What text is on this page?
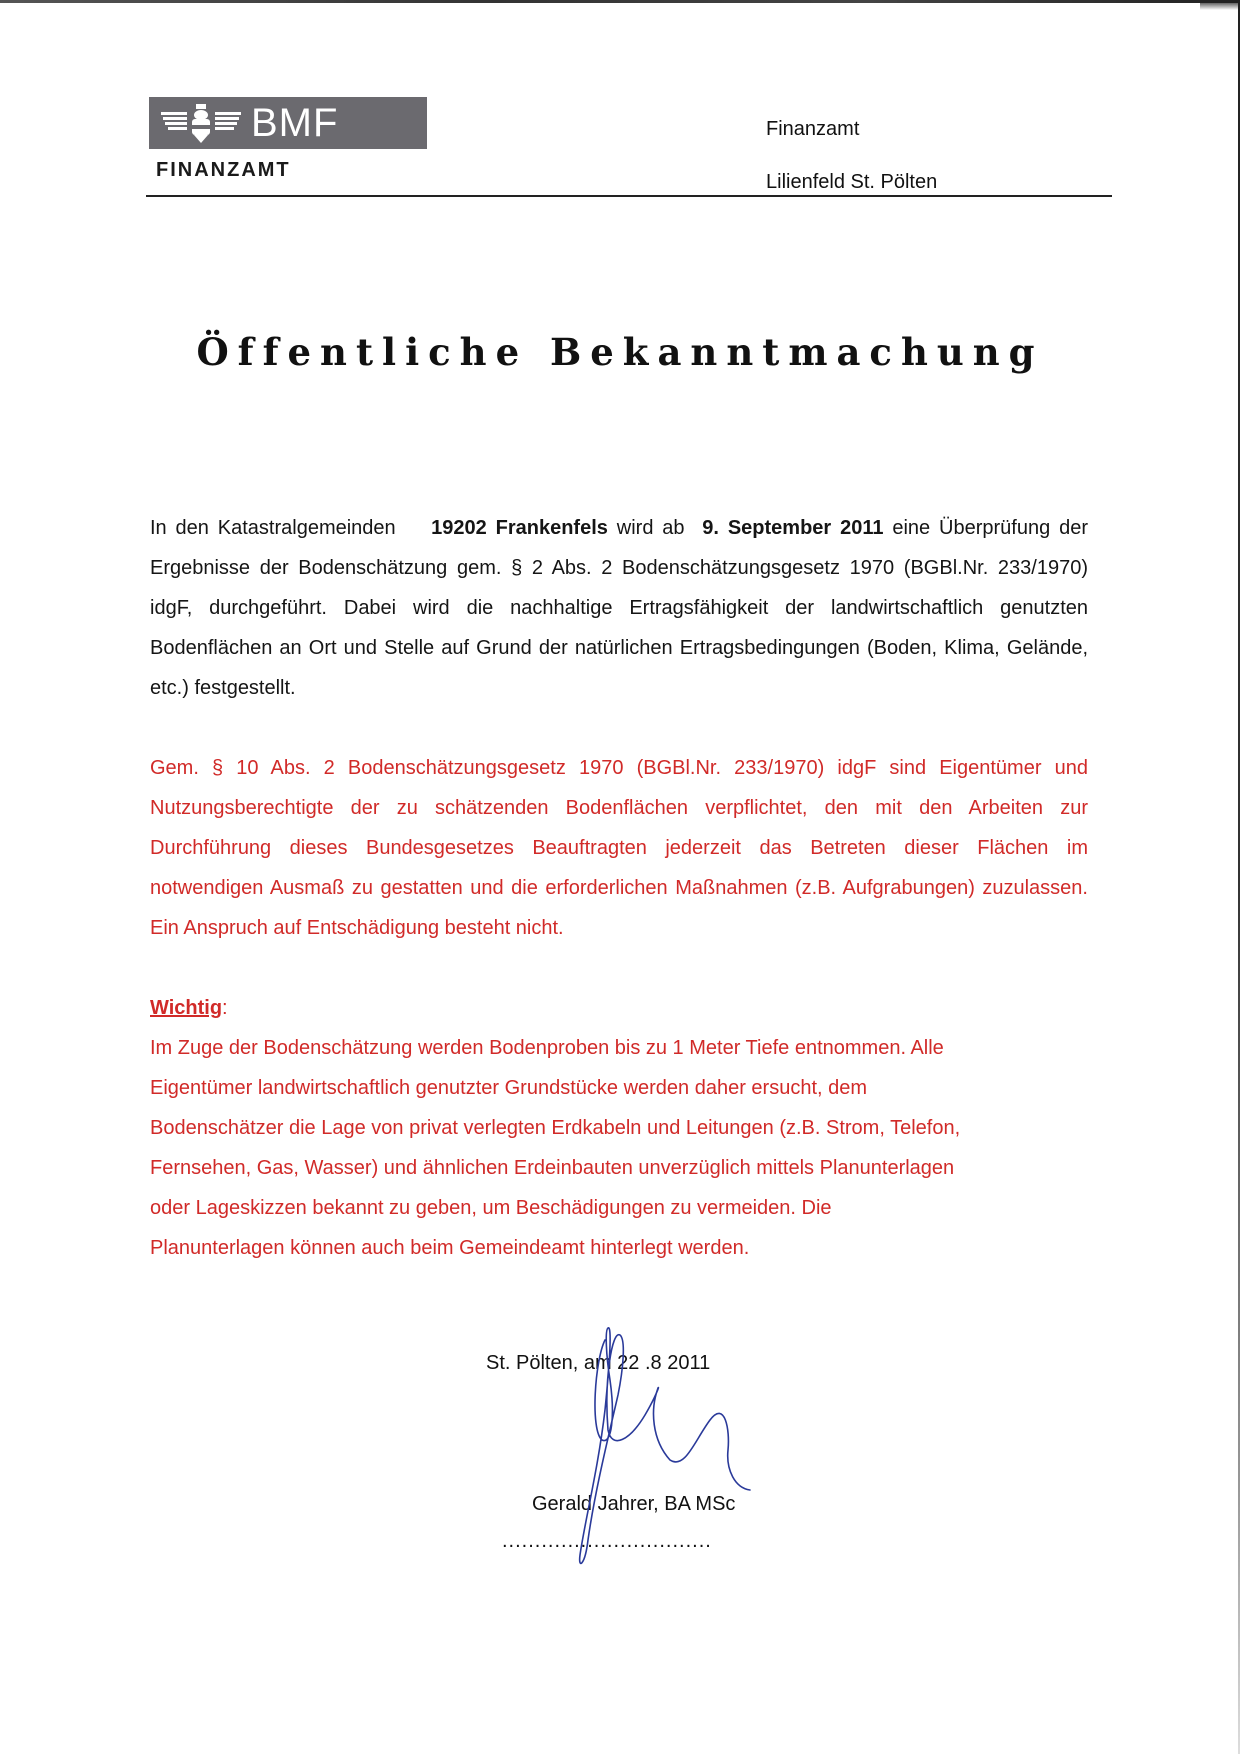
BMF
FINANZAMT
Finanzamt
Lilienfeld St. Pölten
Öffentliche Bekanntmachung
In den Katastralgemeinden 19202 Frankenfels wird ab 9. September 2011 eine Überprüfung der Ergebnisse der Bodenschätzung gem. § 2 Abs. 2 Bodenschätzungsgesetz 1970 (BGBl.Nr. 233/1970) idgF, durchgeführt. Dabei wird die nachhaltige Ertragsfähigkeit der landwirtschaftlich genutzten Bodenflächen an Ort und Stelle auf Grund der natürlichen Ertragsbedingungen (Boden, Klima, Gelände, etc.) festgestellt.
Gem. § 10 Abs. 2 Bodenschätzungsgesetz 1970 (BGBl.Nr. 233/1970) idgF sind Eigentümer und Nutzungsberechtigte der zu schätzenden Bodenflächen verpflichtet, den mit den Arbeiten zur Durchführung dieses Bundesgesetzes Beauftragten jederzeit das Betreten dieser Flächen im notwendigen Ausmaß zu gestatten und die erforderlichen Maßnahmen (z.B. Aufgrabungen) zuzulassen. Ein Anspruch auf Entschädigung besteht nicht.
Wichtig:
Im Zuge der Bodenschätzung werden Bodenproben bis zu 1 Meter Tiefe entnommen. Alle
Eigentümer landwirtschaftlich genutzter Grundstücke werden daher ersucht, dem
Bodenschätzer die Lage von privat verlegten Erdkabeln und Leitungen (z.B. Strom, Telefon,
Fernsehen, Gas, Wasser) und ähnlichen Erdeinbauten unverzüglich mittels Planunterlagen
oder Lageskizzen bekannt zu geben, um Beschädigungen zu vermeiden. Die
Planunterlagen können auch beim Gemeindeamt hinterlegt werden.
St. Pölten, am 22 .8 2011
Gerald Jahrer, BA MSc
................................
